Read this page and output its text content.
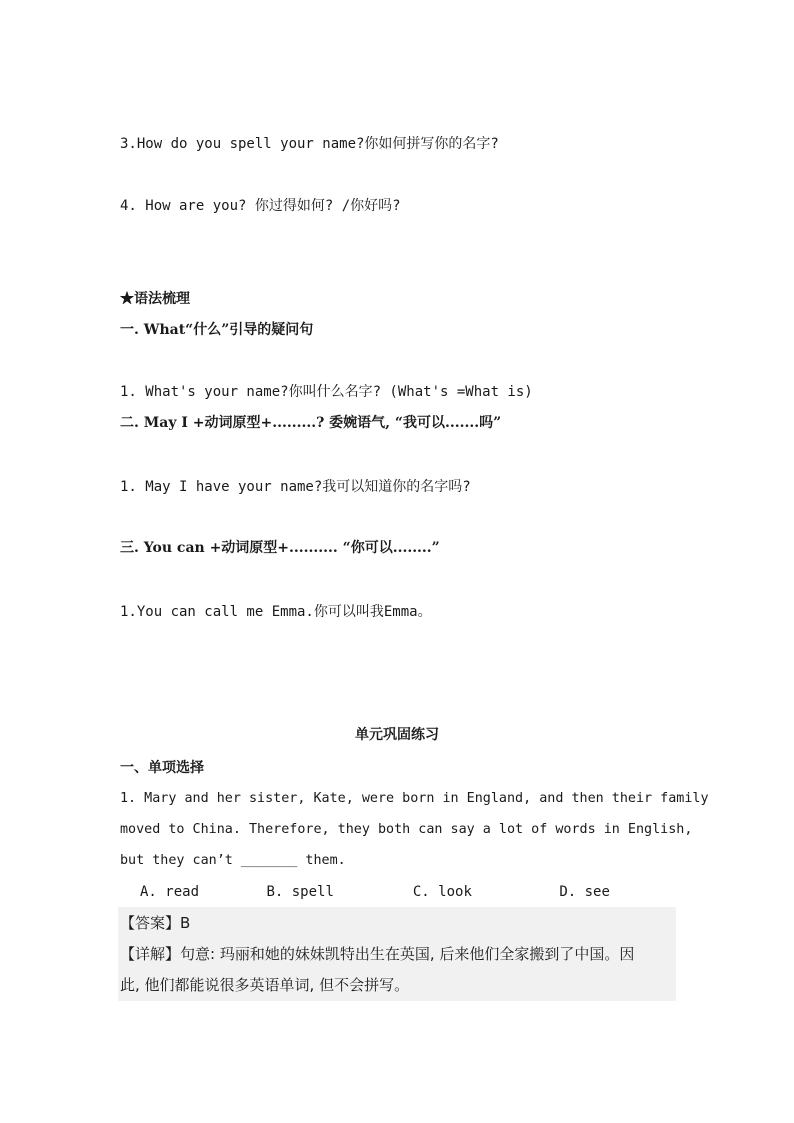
3.How do you spell your name?你如何拼写你的名字?
4. How are you? 你过得如何? /你好吗?
★语法梳理
一. What“什么”引导的疑问句
1. What's your name?你叫什么名字? (What's =What is)
二. May I +动词原型+.........? 委婉语气, “我可以.......吗”
1. May I have your name?我可以知道你的名字吗?
三. You can +动词原型+.......... “你可以........”
1.You can call me Emma.你可以叫我Emma。
单元巩固练习
一、单项选择
1. Mary and her sister, Kate, were born in England, and then their family
moved to China. Therefore, they both can say a lot of words in English,
but they can’t _______ them.
A. read	B. spell	C. look	D. see
【答案】B
【详解】句意: 玛丽和她的妹妹凯特出生在英国, 后来他们全家搬到了中国。因
此, 他们都能说很多英语单词, 但不会拼写。
